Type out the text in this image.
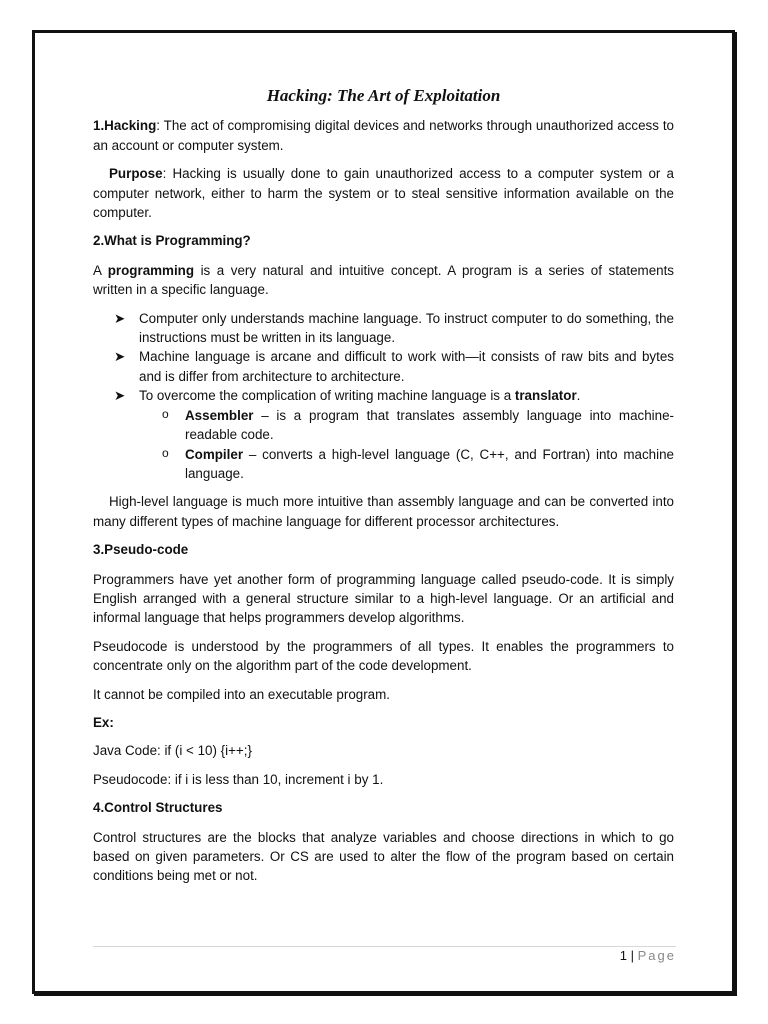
Hacking: The Art of Exploitation

1.Hacking: The act of compromising digital devices and networks through unauthorized access to an account or computer system.

Purpose: Hacking is usually done to gain unauthorized access to a computer system or a computer network, either to harm the system or to steal sensitive information available on the computer.

2.What is Programming?

A programming is a very natural and intuitive concept. A program is a series of statements written in a specific language.

➤ Computer only understands machine language. To instruct computer to do something, the instructions must be written in its language.
➤ Machine language is arcane and difficult to work with—it consists of raw bits and bytes and is differ from architecture to architecture.
➤ To overcome the complication of writing machine language is a translator.
o Assembler – is a program that translates assembly language into machine-readable code.
o Compiler – converts a high-level language (C, C++, and Fortran) into machine language.

High-level language is much more intuitive than assembly language and can be converted into many different types of machine language for different processor architectures.

3.Pseudo-code

Programmers have yet another form of programming language called pseudo-code. It is simply English arranged with a general structure similar to a high-level language. Or an artificial and informal language that helps programmers develop algorithms.

Pseudocode is understood by the programmers of all types. It enables the programmers to concentrate only on the algorithm part of the code development.

It cannot be compiled into an executable program.

Ex:

Java Code: if (i < 10) {i++;}

Pseudocode: if i is less than 10, increment i by 1.

4.Control Structures

Control structures are the blocks that analyze variables and choose directions in which to go based on given parameters. Or CS are used to alter the flow of the program based on certain conditions being met or not.

1 | Page
